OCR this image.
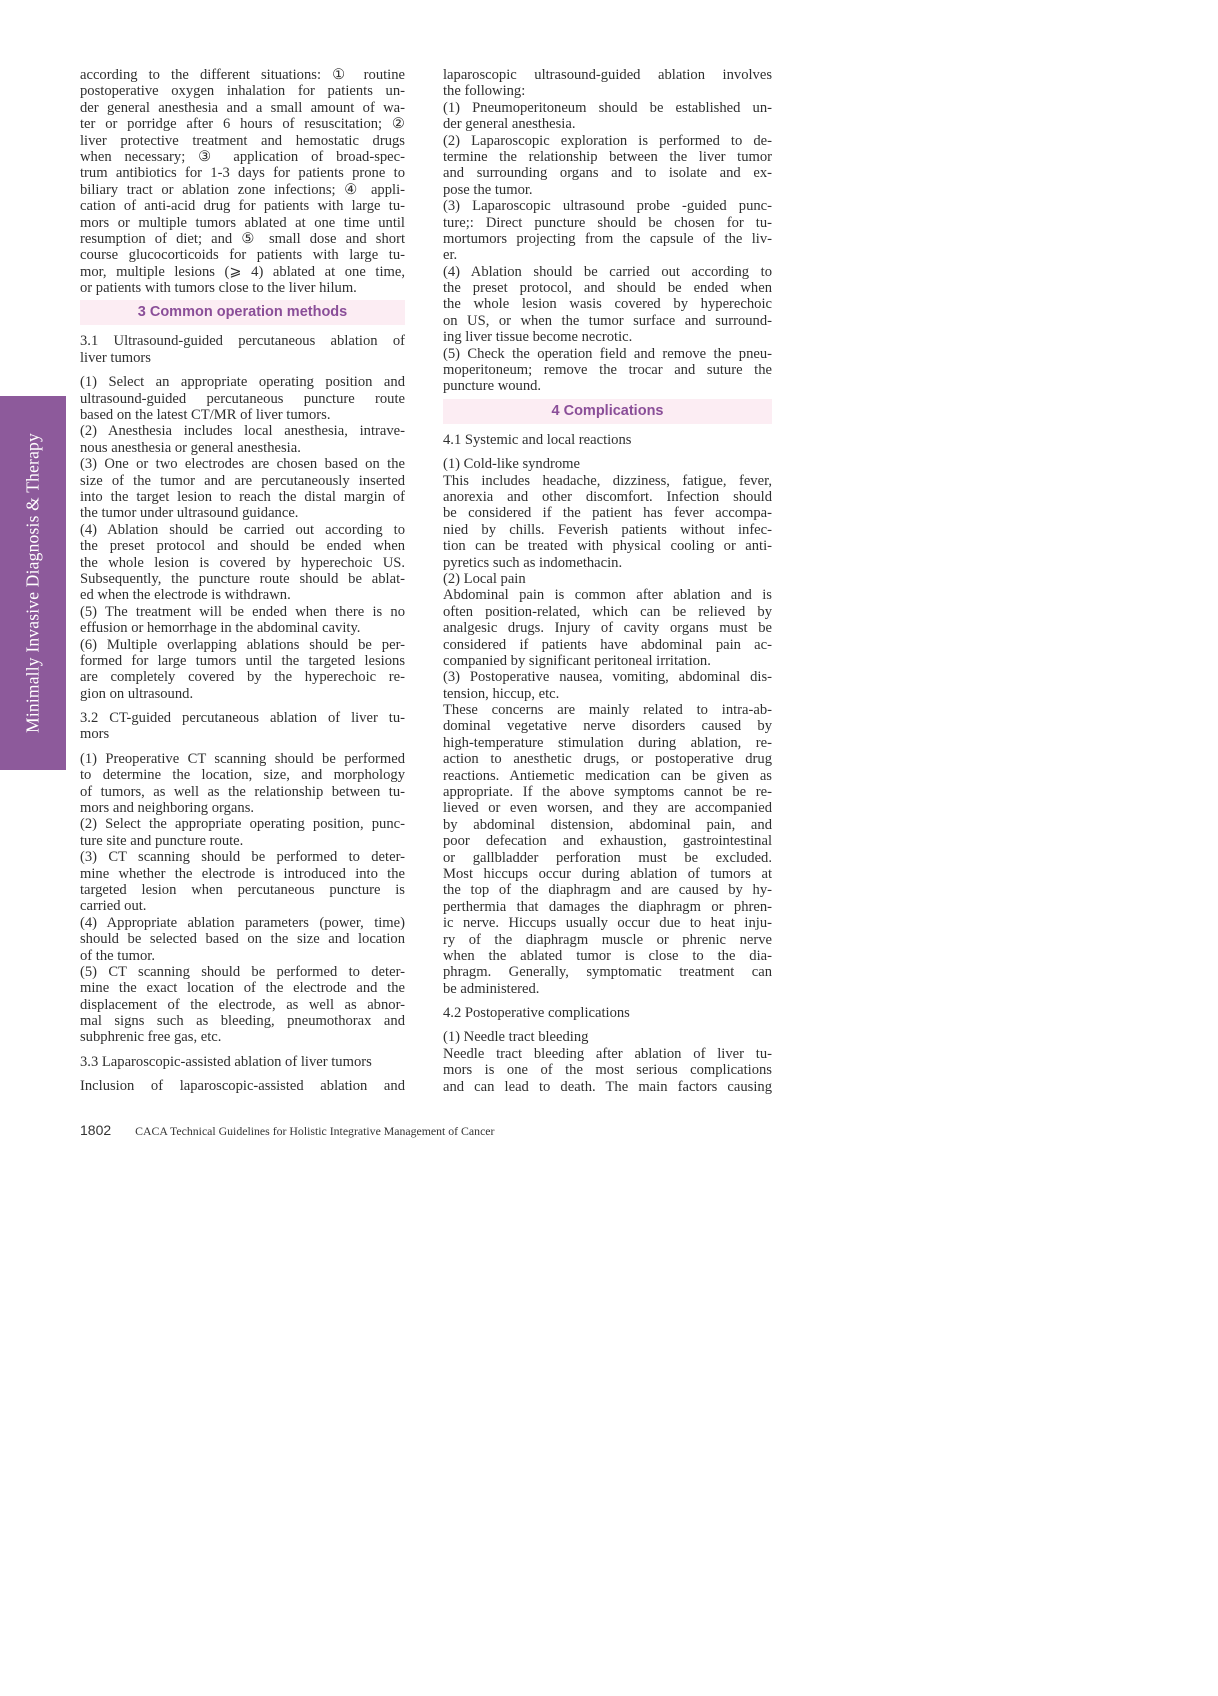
Minimally Invasive Diagnosis & Therapy
according to the different situations: ① routine
postoperative oxygen inhalation for patients un-
der general anesthesia and a small amount of wa-
ter or porridge after 6 hours of resuscitation; ②
liver protective treatment and hemostatic drugs
when necessary; ③ application of broad-spec-
trum antibiotics for 1-3 days for patients prone to
biliary tract or ablation zone infections; ④ appli-
cation of anti-acid drug for patients with large tu-
mors or multiple tumors ablated at one time until
resumption of diet; and ⑤ small dose and short
course glucocorticoids for patients with large tu-
mor, multiple lesions (⩾ 4) ablated at one time,
or patients with tumors close to the liver hilum.
3 Common operation methods
3.1 Ultrasound-guided percutaneous ablation of
liver tumors
(1) Select an appropriate operating position and
ultrasound-guided percutaneous puncture route
based on the latest CT/MR of liver tumors.
(2) Anesthesia includes local anesthesia, intrave-
nous anesthesia or general anesthesia.
(3) One or two electrodes are chosen based on the
size of the tumor and are percutaneously inserted
into the target lesion to reach the distal margin of
the tumor under ultrasound guidance.
(4) Ablation should be carried out according to
the preset protocol and should be ended when
the whole lesion is covered by hyperechoic US.
Subsequently, the puncture route should be ablat-
ed when the electrode is withdrawn.
(5) The treatment will be ended when there is no
effusion or hemorrhage in the abdominal cavity.
(6) Multiple overlapping ablations should be per-
formed for large tumors until the targeted lesions
are completely covered by the hyperechoic re-
gion on ultrasound.
3.2 CT-guided percutaneous ablation of liver tu-
mors
(1) Preoperative CT scanning should be performed
to determine the location, size, and morphology
of tumors, as well as the relationship between tu-
mors and neighboring organs.
(2) Select the appropriate operating position, punc-
ture site and puncture route.
(3) CT scanning should be performed to deter-
mine whether the electrode is introduced into the
targeted lesion when percutaneous puncture is
carried out.
(4) Appropriate ablation parameters (power, time)
should be selected based on the size and location
of the tumor.
(5) CT scanning should be performed to deter-
mine the exact location of the electrode and the
displacement of the electrode, as well as abnor-
mal signs such as bleeding, pneumothorax and
subphrenic free gas, etc.
3.3 Laparoscopic-assisted ablation of liver tumors
Inclusion of laparoscopic-assisted ablation and
laparoscopic ultrasound-guided ablation involves
the following:
(1) Pneumoperitoneum should be established un-
der general anesthesia.
(2) Laparoscopic exploration is performed to de-
termine the relationship between the liver tumor
and surrounding organs and to isolate and ex-
pose the tumor.
(3) Laparoscopic ultrasound probe -guided punc-
ture;: Direct puncture should be chosen for tu-
mortumors projecting from the capsule of the liv-
er.
(4) Ablation should be carried out according to
the preset protocol, and should be ended when
the whole lesion wasis covered by hyperechoic
on US, or when the tumor surface and surround-
ing liver tissue become necrotic.
(5) Check the operation field and remove the pneu-
moperitoneum; remove the trocar and suture the
puncture wound.
4 Complications
4.1 Systemic and local reactions
(1) Cold-like syndrome
This includes headache, dizziness, fatigue, fever,
anorexia and other discomfort. Infection should
be considered if the patient has fever accompa-
nied by chills. Feverish patients without infec-
tion can be treated with physical cooling or anti-
pyretics such as indomethacin.
(2) Local pain
Abdominal pain is common after ablation and is
often position-related, which can be relieved by
analgesic drugs. Injury of cavity organs must be
considered if patients have abdominal pain ac-
companied by significant peritoneal irritation.
(3) Postoperative nausea, vomiting, abdominal dis-
tension, hiccup, etc.
These concerns are mainly related to intra-ab-
dominal vegetative nerve disorders caused by
high-temperature stimulation during ablation, re-
action to anesthetic drugs, or postoperative drug
reactions. Antiemetic medication can be given as
appropriate. If the above symptoms cannot be re-
lieved or even worsen, and they are accompanied
by abdominal distension, abdominal pain, and
poor defecation and exhaustion, gastrointestinal
or gallbladder perforation must be excluded.
Most hiccups occur during ablation of tumors at
the top of the diaphragm and are caused by hy-
perthermia that damages the diaphragm or phren-
ic nerve. Hiccups usually occur due to heat inju-
ry of the diaphragm muscle or phrenic nerve
when the ablated tumor is close to the dia-
phragm. Generally, symptomatic treatment can
be administered.
4.2 Postoperative complications
(1) Needle tract bleeding
Needle tract bleeding after ablation of liver tu-
mors is one of the most serious complications
and can lead to death. The main factors causing
1802 CACA Technical Guidelines for Holistic Integrative Management of Cancer
